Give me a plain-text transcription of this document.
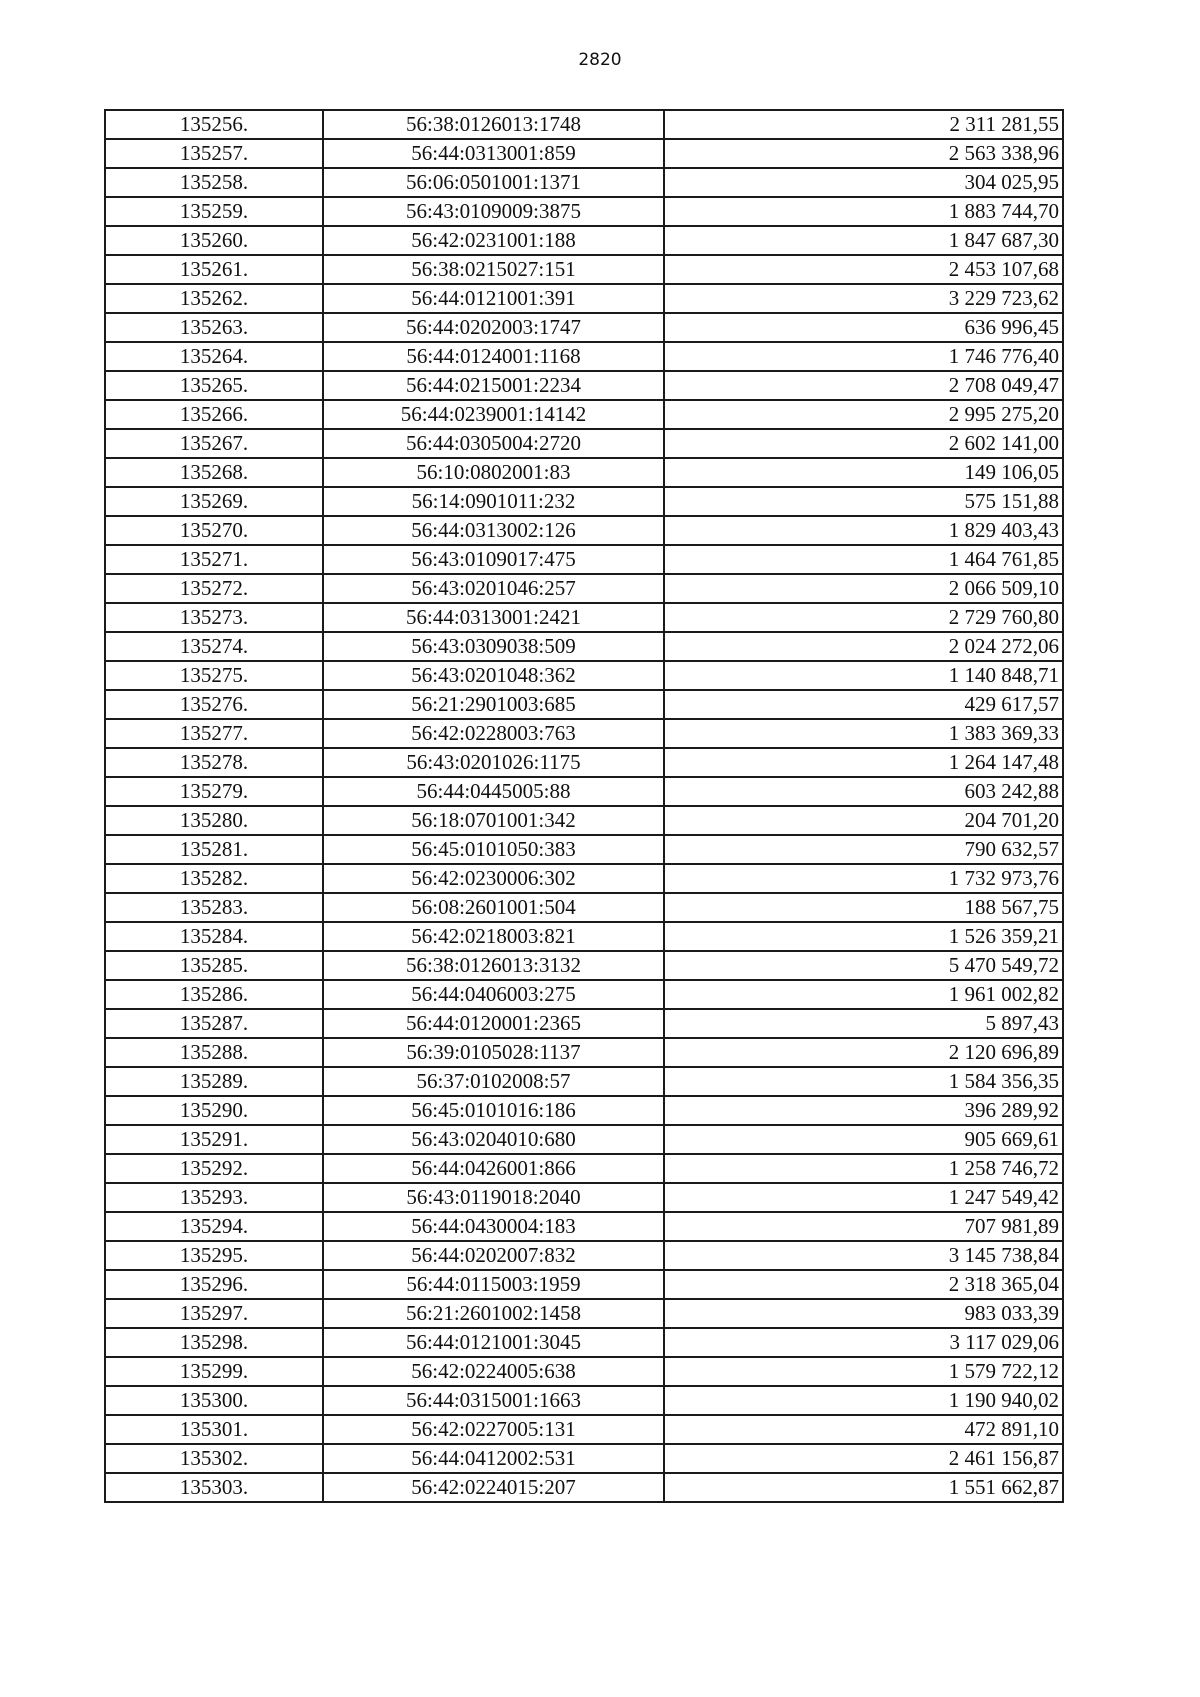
2820
135256.	56:38:0126013:1748	2 311 281,55
135257.	56:44:0313001:859	2 563 338,96
135258.	56:06:0501001:1371	304 025,95
135259.	56:43:0109009:3875	1 883 744,70
135260.	56:42:0231001:188	1 847 687,30
135261.	56:38:0215027:151	2 453 107,68
135262.	56:44:0121001:391	3 229 723,62
135263.	56:44:0202003:1747	636 996,45
135264.	56:44:0124001:1168	1 746 776,40
135265.	56:44:0215001:2234	2 708 049,47
135266.	56:44:0239001:14142	2 995 275,20
135267.	56:44:0305004:2720	2 602 141,00
135268.	56:10:0802001:83	149 106,05
135269.	56:14:0901011:232	575 151,88
135270.	56:44:0313002:126	1 829 403,43
135271.	56:43:0109017:475	1 464 761,85
135272.	56:43:0201046:257	2 066 509,10
135273.	56:44:0313001:2421	2 729 760,80
135274.	56:43:0309038:509	2 024 272,06
135275.	56:43:0201048:362	1 140 848,71
135276.	56:21:2901003:685	429 617,57
135277.	56:42:0228003:763	1 383 369,33
135278.	56:43:0201026:1175	1 264 147,48
135279.	56:44:0445005:88	603 242,88
135280.	56:18:0701001:342	204 701,20
135281.	56:45:0101050:383	790 632,57
135282.	56:42:0230006:302	1 732 973,76
135283.	56:08:2601001:504	188 567,75
135284.	56:42:0218003:821	1 526 359,21
135285.	56:38:0126013:3132	5 470 549,72
135286.	56:44:0406003:275	1 961 002,82
135287.	56:44:0120001:2365	5 897,43
135288.	56:39:0105028:1137	2 120 696,89
135289.	56:37:0102008:57	1 584 356,35
135290.	56:45:0101016:186	396 289,92
135291.	56:43:0204010:680	905 669,61
135292.	56:44:0426001:866	1 258 746,72
135293.	56:43:0119018:2040	1 247 549,42
135294.	56:44:0430004:183	707 981,89
135295.	56:44:0202007:832	3 145 738,84
135296.	56:44:0115003:1959	2 318 365,04
135297.	56:21:2601002:1458	983 033,39
135298.	56:44:0121001:3045	3 117 029,06
135299.	56:42:0224005:638	1 579 722,12
135300.	56:44:0315001:1663	1 190 940,02
135301.	56:42:0227005:131	472 891,10
135302.	56:44:0412002:531	2 461 156,87
135303.	56:42:0224015:207	1 551 662,87
